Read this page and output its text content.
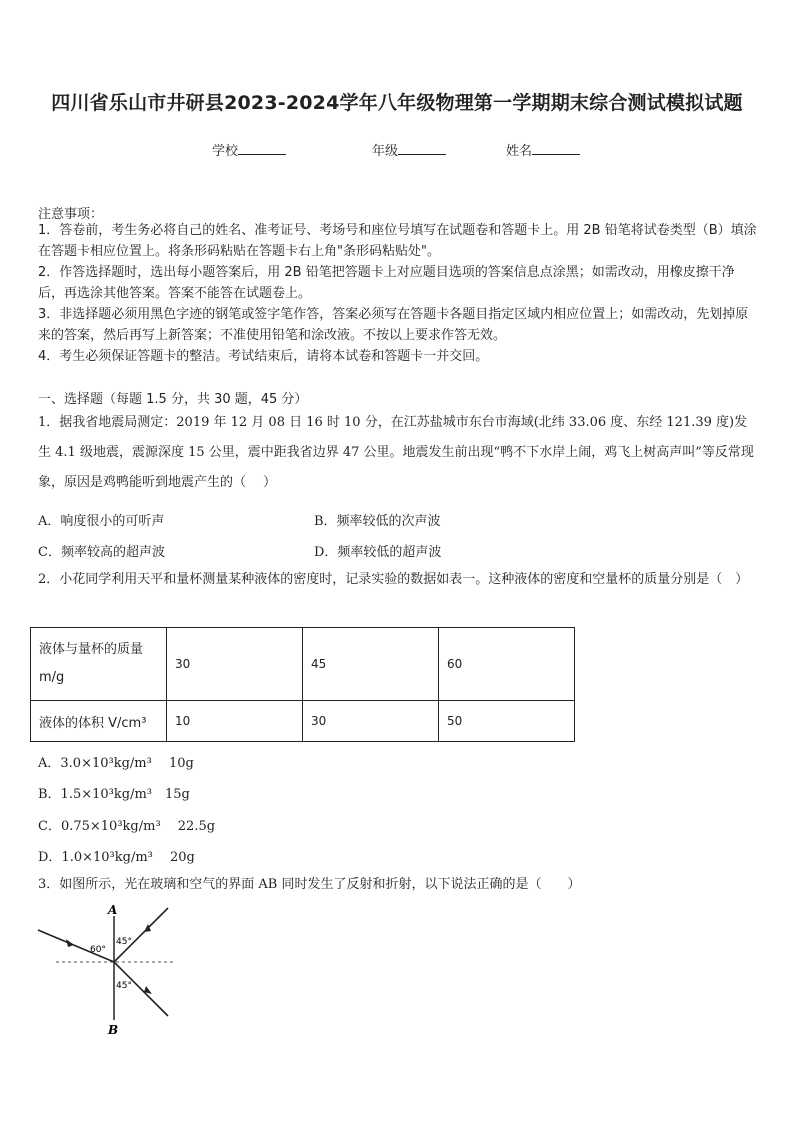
四川省乐山市井研县2023-2024学年八年级物理第一学期期末综合测试模拟试题
学校	年级	姓名
注意事项：
1．答卷前，考生务必将自己的姓名、准考证号、考场号和座位号填写在试题卷和答题卡上。用 2B 铅笔将试卷类型（B）填涂在答题卡相应位置上。将条形码粘贴在答题卡右上角"条形码粘贴处"。
2．作答选择题时，选出每小题答案后，用 2B 铅笔把答题卡上对应题目选项的答案信息点涂黑；如需改动，用橡皮擦干净后，再选涂其他答案。答案不能答在试题卷上。
3．非选择题必须用黑色字迹的钢笔或签字笔作答，答案必须写在答题卡各题目指定区域内相应位置上；如需改动，先划掉原来的答案，然后再写上新答案；不准使用铅笔和涂改液。不按以上要求作答无效。
4．考生必须保证答题卡的整洁。考试结束后，请将本试卷和答题卡一并交回。
一、选择题（每题 1.5 分，共 30 题，45 分）
1．据我省地震局测定：2019 年 12 月 08 日 16 时 10 分，在江苏盐城市东台市海域(北纬 33.06 度、东经 121.39 度)发生 4.1 级地震，震源深度 15 公里，震中距我省边界 47 公里。地震发生前出现“鸭不下水岸上闹，鸡飞上树高声叫”等反常现象，原因是鸡鸭能听到地震产生的（　 ）
A．响度很小的可听声	B．频率较低的次声波
C．频率较高的超声波	D．频率较低的超声波
2．小花同学利用天平和量杯测量某种液体的密度时，记录实验的数据如表一。这种液体的密度和空量杯的质量分别是（　）
液体与量杯的质量 m/g	30	45	60
液体的体积 V/cm³	10	30	50
A．3.0×10³kg/m³　 10g
B．1.5×10³kg/m³　15g
C．0.75×10³kg/m³　 22.5g
D．1.0×10³kg/m³　 20g
3．如图所示，光在玻璃和空气的界面 AB 同时发生了反射和折射，以下说法正确的是（　　）
A
B
60°
45°
45°
